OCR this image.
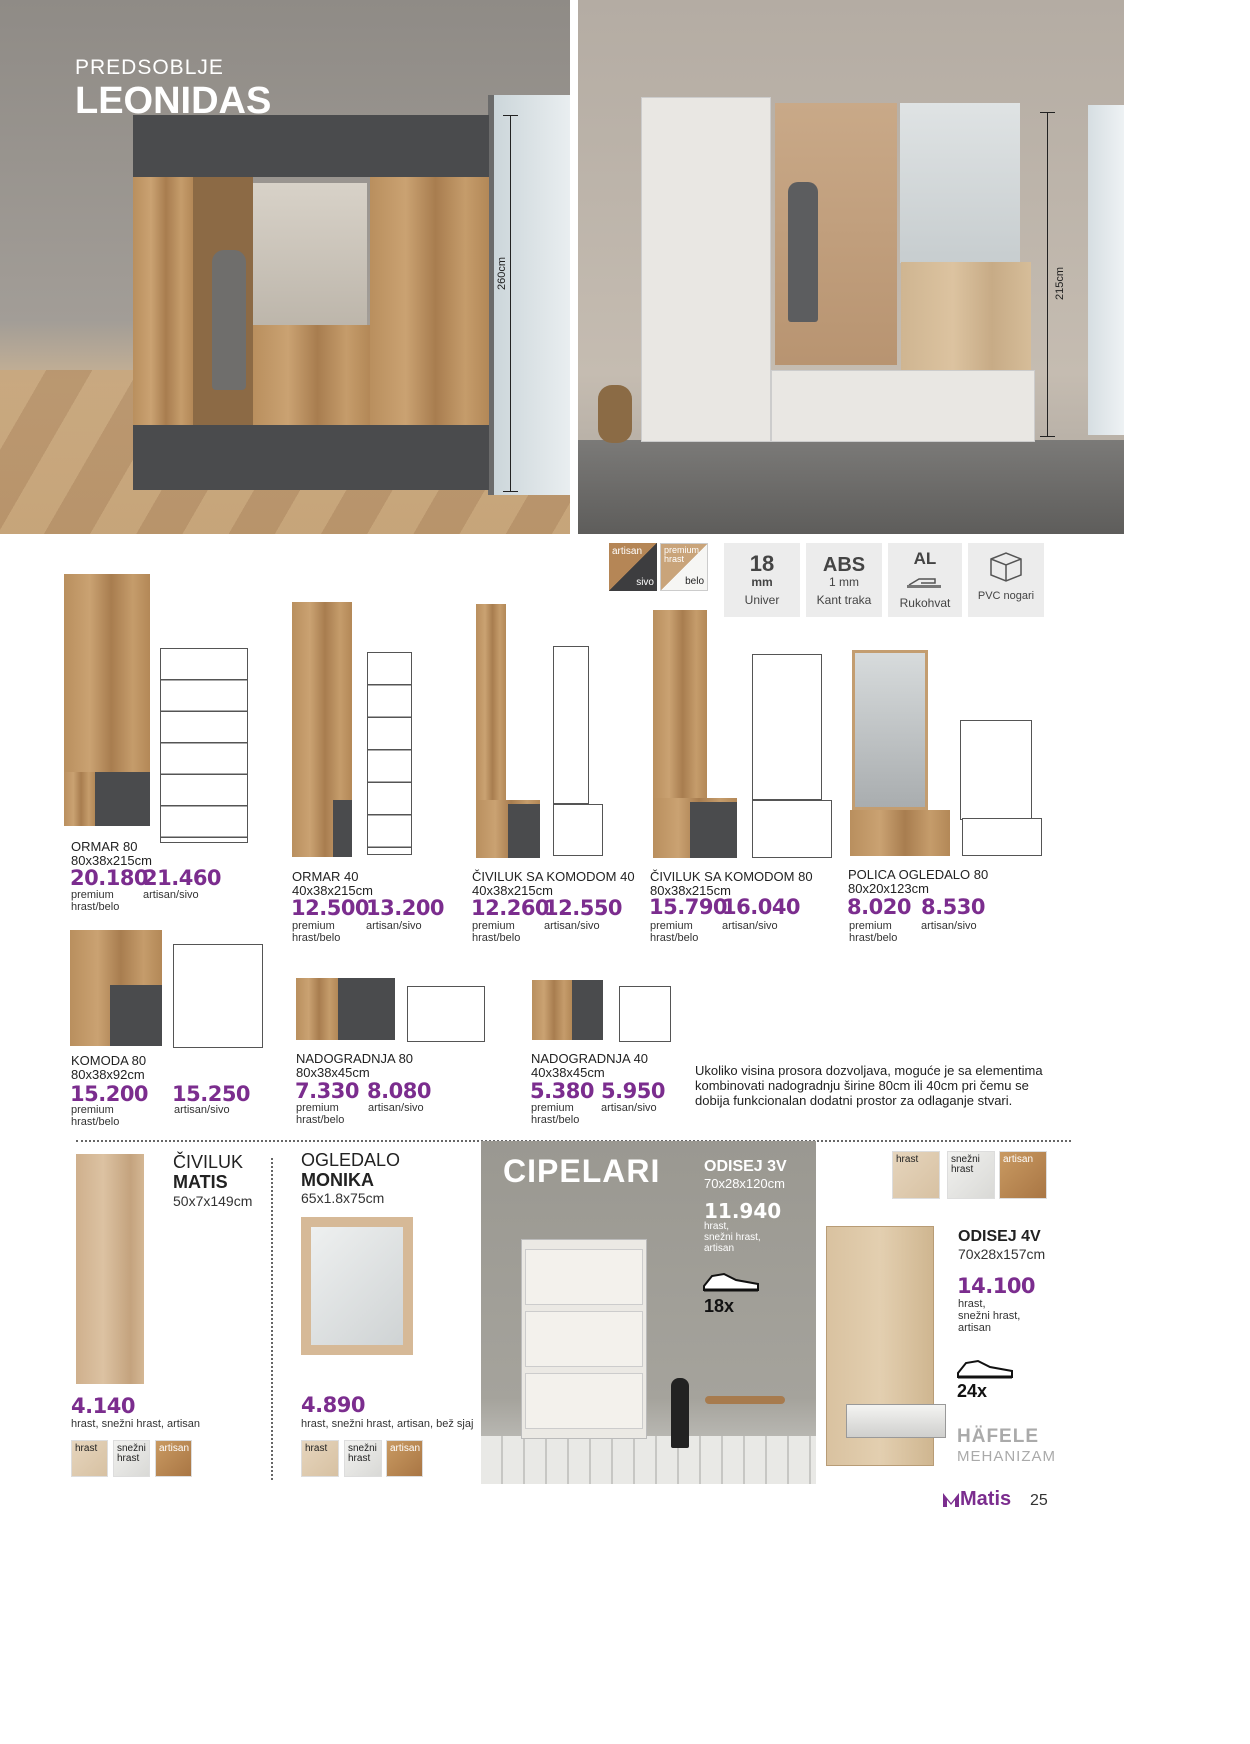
260cm
PREDSOBLJE
LEONIDAS
215cm
artisan
sivo
premium hrast
belo
18
mm
Univer
ABS
1 mm
Kant traka
AL
Rukohvat	PVC nogari
ORMAR 80
80x38x215cm
20.180
premium
hrast/belo
21.460
artisan/sivo
ORMAR 40
40x38x215cm
12.500
premium
hrast/belo
13.200
artisan/sivo
ČIVILUK SA KOMODOM 40
40x38x215cm
12.260
premium
hrast/belo
12.550
artisan/sivo
ČIVILUK SA KOMODOM 80
80x38x215cm
15.790
premium
hrast/belo
16.040
artisan/sivo
POLICA OGLEDALO 80
80x20x123cm
8.020
premium
hrast/belo
8.530
artisan/sivo
KOMODA 80
80x38x92cm
15.200
premium
hrast/belo
15.250
artisan/sivo
NADOGRADNJA 80
80x38x45cm
7.330
premium
hrast/belo
8.080
artisan/sivo
NADOGRADNJA 40
40x38x45cm
5.380
premium
hrast/belo
5.950
artisan/sivo
Ukoliko visina prosora dozvoljava, moguće je sa elementima kombinovati nadogradnju širine 80cm ili 40cm pri čemu se dobija funkcionalan dodatni prostor za odlaganje stvari.
ČIVILUK
MATIS
50x7x149cm
4.140
hrast, snežni hrast, artisan
hrast	snežni hrast
artisan
OGLEDALO
MONIKA
65x1.8x75cm
4.890
hrast, snežni hrast, artisan, bež sjaj
hrast	snežni hrast
artisan
CIPELARI	ODISEJ 3V
70x28x120cm
11.940
hrast,
snežni hrast,
artisan
18x
hrast	snežni hrast
artisan
ODISEJ 4V
70x28x157cm
14.100
hrast,
snežni hrast,
artisan
24x
HÄFELE
MEHANIZAM
Matis 25
